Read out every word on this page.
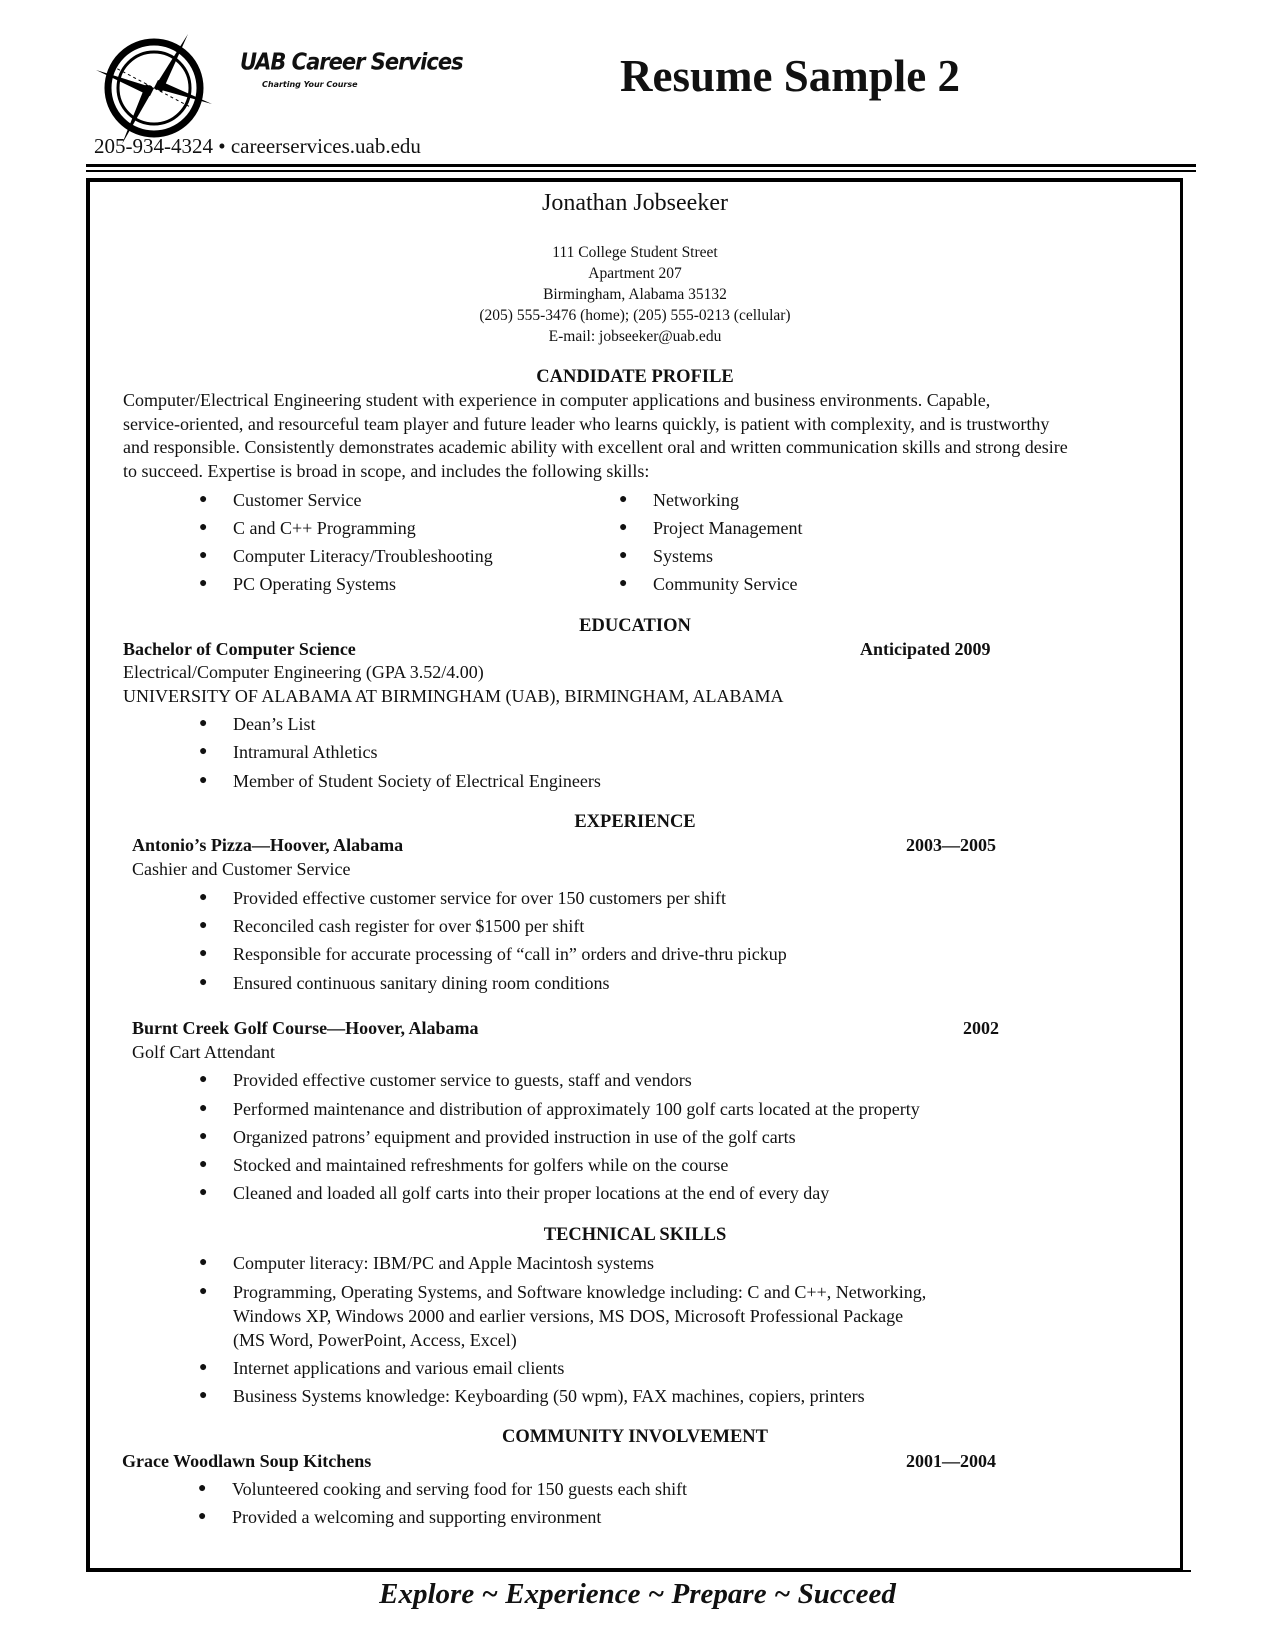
UAB Career Services
Charting Your Course	Resume Sample 2
205-934-4324 • careerservices.uab.edu
Jonathan Jobseeker
111 College Student Street
Apartment 207
Birmingham, Alabama 35132
(205) 555-3476 (home); (205) 555-0213 (cellular)
E-mail: jobseeker@uab.edu
CANDIDATE PROFILE
Computer/Electrical Engineering student with experience in computer applications and business environments. Capable,
service-oriented, and resourceful team player and future leader who learns quickly, is patient with complexity, and is trustworthy
and responsible. Consistently demonstrates academic ability with excellent oral and written communication skills and strong desire
to succeed. Expertise is broad in scope, and includes the following skills:
EDUCATION
Bachelor of Computer Science	Anticipated 2009
Electrical/Computer Engineering (GPA 3.52/4.00)
UNIVERSITY OF ALABAMA AT BIRMINGHAM (UAB), BIRMINGHAM, ALABAMA
EXPERIENCE
Antonio’s Pizza—Hoover, Alabama	2003—2005
Cashier and Customer Service
Burnt Creek Golf Course—Hoover, Alabama	2002
Golf Cart Attendant
TECHNICAL SKILLS
COMMUNITY INVOLVEMENT
Grace Woodlawn Soup Kitchens	2001—2004
● Customer Service
● C and C++ Programming
● Computer Literacy/Troubleshooting
● PC Operating Systems
● Networking
● Project Management
● Systems
● Community Service
● Dean’s List
● Intramural Athletics
● Member of Student Society of Electrical Engineers
● Provided effective customer service for over 150 customers per shift
● Reconciled cash register for over $1500 per shift
● Responsible for accurate processing of “call in” orders and drive-thru pickup
● Ensured continuous sanitary dining room conditions
● Provided effective customer service to guests, staff and vendors
● Performed maintenance and distribution of approximately 100 golf carts located at the property
● Organized patrons’ equipment and provided instruction in use of the golf carts
● Stocked and maintained refreshments for golfers while on the course
● Cleaned and loaded all golf carts into their proper locations at the end of every day
● Computer literacy: IBM/PC and Apple Macintosh systems
● Programming, Operating Systems, and Software knowledge including: C and C++, Networking,
Windows XP, Windows 2000 and earlier versions, MS DOS, Microsoft Professional Package
(MS Word, PowerPoint, Access, Excel)
● Internet applications and various email clients
● Business Systems knowledge: Keyboarding (50 wpm), FAX machines, copiers, printers
● Volunteered cooking and serving food for 150 guests each shift
● Provided a welcoming and supporting environment
Explore ~ Experience ~ Prepare ~ Succeed
